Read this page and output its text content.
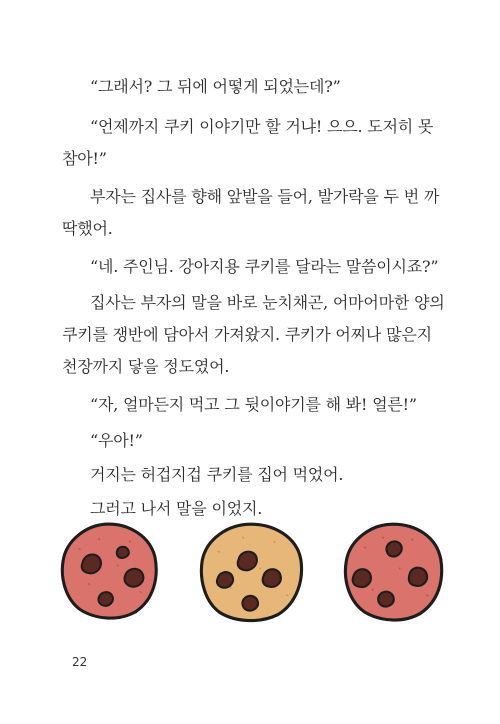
“그래서? 그 뒤에 어떻게 되었는데?”
“언제까지 쿠키 이야기만 할 거냐! 으으. 도저히 못
참아!”
부자는 집사를 향해 앞발을 들어, 발가락을 두 번 까
딱했어.
“네. 주인님. 강아지용 쿠키를 달라는 말씀이시죠?”
집사는 부자의 말을 바로 눈치채곤, 어마어마한 양의
쿠키를 쟁반에 담아서 가져왔지. 쿠키가 어찌나 많은지
천장까지 닿을 정도였어.
“자, 얼마든지 먹고 그 뒷이야기를 해 봐! 얼른!”
“우아!”
거지는 허겁지겁 쿠키를 집어 먹었어.
그러고 나서 말을 이었지.
22
